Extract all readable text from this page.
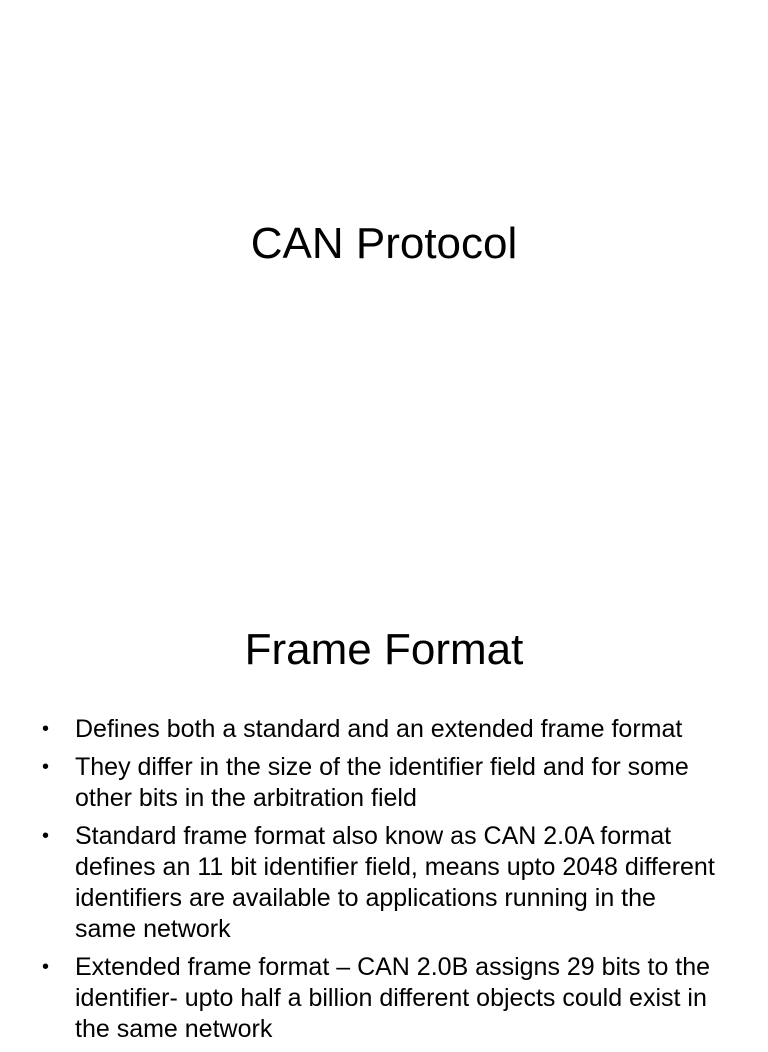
CAN Protocol
Frame Format
• Defines both a standard and an extended frame format
• They differ in the size of the identifier field and for some other bits in the arbitration field
• Standard frame format also know as CAN 2.0A format defines an 11 bit identifier field, means upto 2048 different identifiers are available to applications running in the same network
• Extended frame format – CAN 2.0B assigns 29 bits to the identifier- upto half a billion different objects could exist in the same network
